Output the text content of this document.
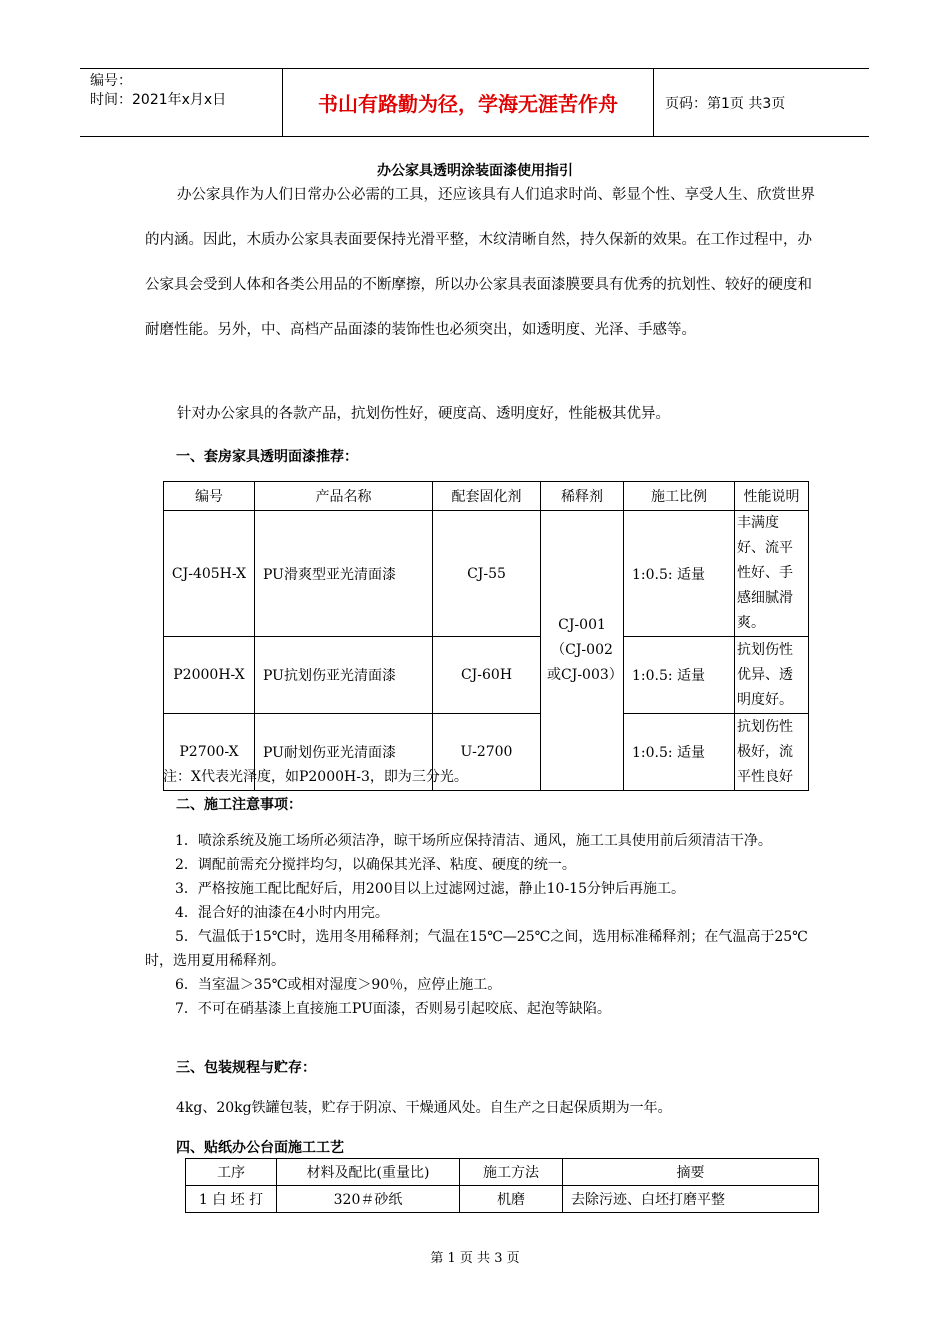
编号：
时间：2021年x月x日	书山有路勤为径，学海无涯苦作舟	页码：第1页 共3页
办公家具透明涂装面漆使用指引

办公家具作为人们日常办公必需的工具，还应该具有人们追求时尚、彰显个性、享受人生、欣赏世界的内涵。因此，木质办公家具表面要保持光滑平整，木纹清晰自然，持久保新的效果。在工作过程中，办公家具会受到人体和各类公用品的不断摩擦，所以办公家具表面漆膜要具有优秀的抗划性、较好的硬度和耐磨性能。另外，中、高档产品面漆的装饰性也必须突出，如透明度、光泽、手感等。

针对办公家具的各款产品，抗划伤性好，硬度高、透明度好，性能极其优异。

一、套房家具透明面漆推荐：
编号	产品名称	配套固化剂	稀释剂	施工比例	性能说明
CJ-405H-X	PU滑爽型亚光清面漆	CJ-55	CJ-001（CJ-002或CJ-003）	1:0.5: 适量	丰满度好、流平性好、手感细腻滑爽。
P2000H-X	PU抗划伤亚光清面漆	CJ-60H		1:0.5: 适量	抗划伤性优异、透明度好。
P2700-X	PU耐划伤亚光清面漆	U-2700		1:0.5: 适量	抗划伤性极好，流平性良好
注：X代表光泽度，如P2000H-3，即为三分光。
二、施工注意事项：

1．喷涂系统及施工场所必须洁净，晾干场所应保持清洁、通风，施工工具使用前后须清洁干净。

2．调配前需充分搅拌均匀，以确保其光泽、粘度、硬度的统一。

3．严格按施工配比配好后，用200目以上过滤网过滤，静止10-15分钟后再施工。

4．混合好的油漆在4小时内用完。

5．气温低于15℃时，选用冬用稀释剂；气温在15℃—25℃之间，选用标准稀释剂；在气温高于25℃时，选用夏用稀释剂。

6．当室温＞35℃或相对湿度＞90％，应停止施工。

7．不可在硝基漆上直接施工PU面漆，否则易引起咬底、起泡等缺陷。

三、包装规程与贮存：
4kg、20kg铁罐包装，贮存于阴凉、干燥通风处。自生产之日起保质期为一年。
四、贴纸办公台面施工工艺
工序	材料及配比(重量比)	施工方法	摘要
1 白 坯 打	320＃砂纸	机磨	去除污迹、白坯打磨平整
第 1 页 共 3 页
